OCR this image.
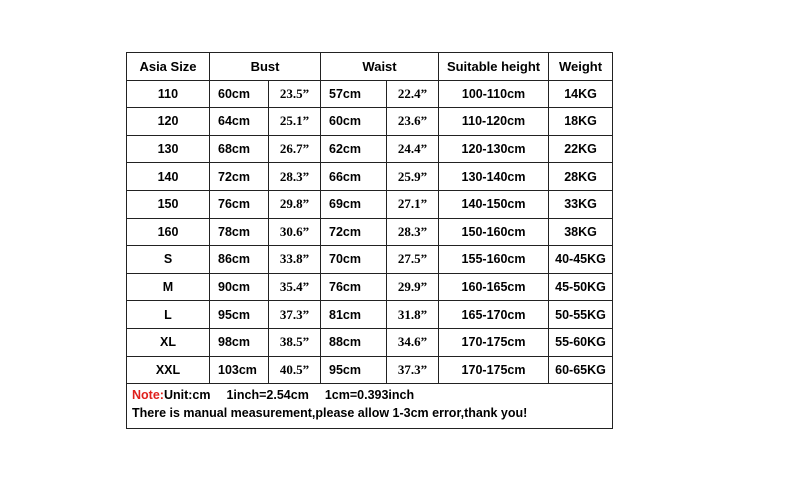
Asia Size	Bust		Waist		Suitable height	Weight
110	60cm	23.5”	57cm	22.4”	100-110cm	14KG
120	64cm	25.1”	60cm	23.6”	110-120cm	18KG
130	68cm	26.7”	62cm	24.4”	120-130cm	22KG
140	72cm	28.3”	66cm	25.9”	130-140cm	28KG
150	76cm	29.8”	69cm	27.1”	140-150cm	33KG
160	78cm	30.6”	72cm	28.3”	150-160cm	38KG
S	86cm	33.8”	70cm	27.5”	155-160cm	40-45KG
M	90cm	35.4”	76cm	29.9”	160-165cm	45-50KG
L	95cm	37.3”	81cm	31.8”	165-170cm	50-55KG
XL	98cm	38.5”	88cm	34.6”	170-175cm	55-60KG
XXL	103cm	40.5”	95cm	37.3”	170-175cm	60-65KG

Note:Unit:cm 1inch=2.54cm 1cm=0.393inch
There is manual measurement,please allow 1-3cm error,thank you!						
